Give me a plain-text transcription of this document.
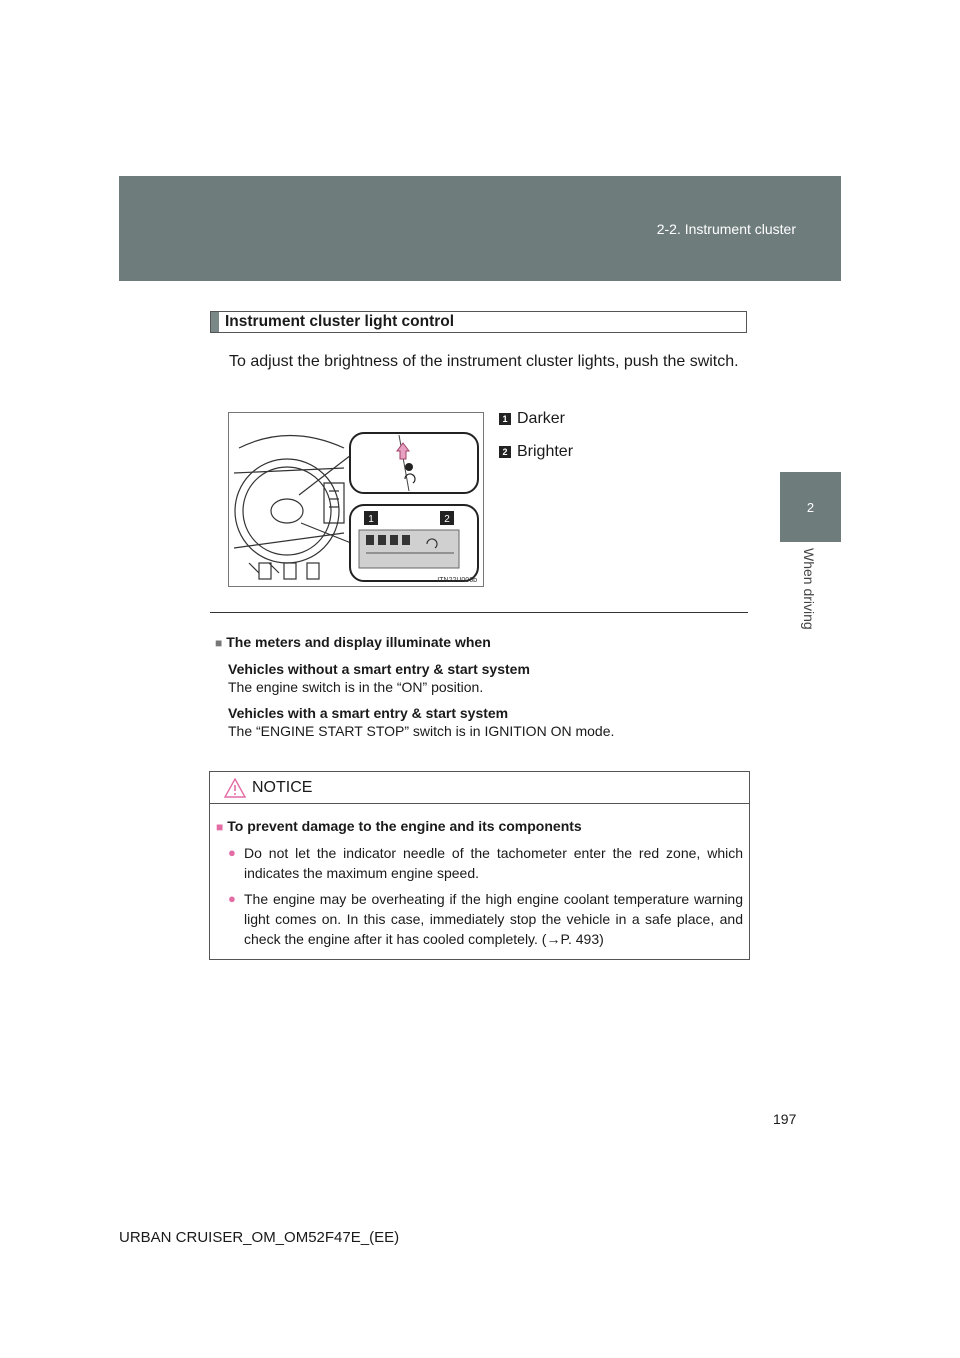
2-2. Instrument cluster
2
When driving
Instrument cluster light control
To adjust the brightness of the instrument cluster lights, push the switch.
1	2
ITN22U006b
1 Darker
2 Brighter
■ The meters and display illuminate when
Vehicles without a smart entry & start system
The engine switch is in the “ON” position.
Vehicles with a smart entry & start system
The “ENGINE START STOP” switch is in IGNITION ON mode.
NOTICE
■ To prevent damage to the engine and its components
● Do not let the indicator needle of the tachometer enter the red zone, which indicates the maximum engine speed.
● The engine may be overheating if the high engine coolant temperature warning light comes on. In this case, immediately stop the vehicle in a safe place, and check the engine after it has cooled completely. (→P. 493)
197
URBAN CRUISER_OM_OM52F47E_(EE)
